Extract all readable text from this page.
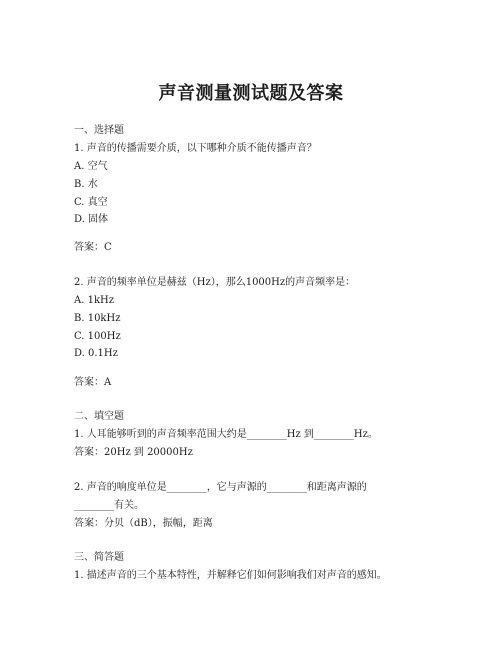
声音测量测试题及答案
一、选择题
1. 声音的传播需要介质，以下哪种介质不能传播声音？
A. 空气
B. 水
C. 真空
D. 固体
答案：C
2. 声音的频率单位是赫兹（Hz），那么1000Hz的声音频率是：
A. 1kHz
B. 10kHz
C. 100Hz
D. 0.1Hz
答案：A
二、填空题
1. 人耳能够听到的声音频率范围大约是________Hz 到________Hz。
答案：20Hz 到 20000Hz
2. 声音的响度单位是________，它与声源的________和距离声源的
________有关。
答案：分贝（dB），振幅，距离
三、简答题
1. 描述声音的三个基本特性，并解释它们如何影响我们对声音的感知。
